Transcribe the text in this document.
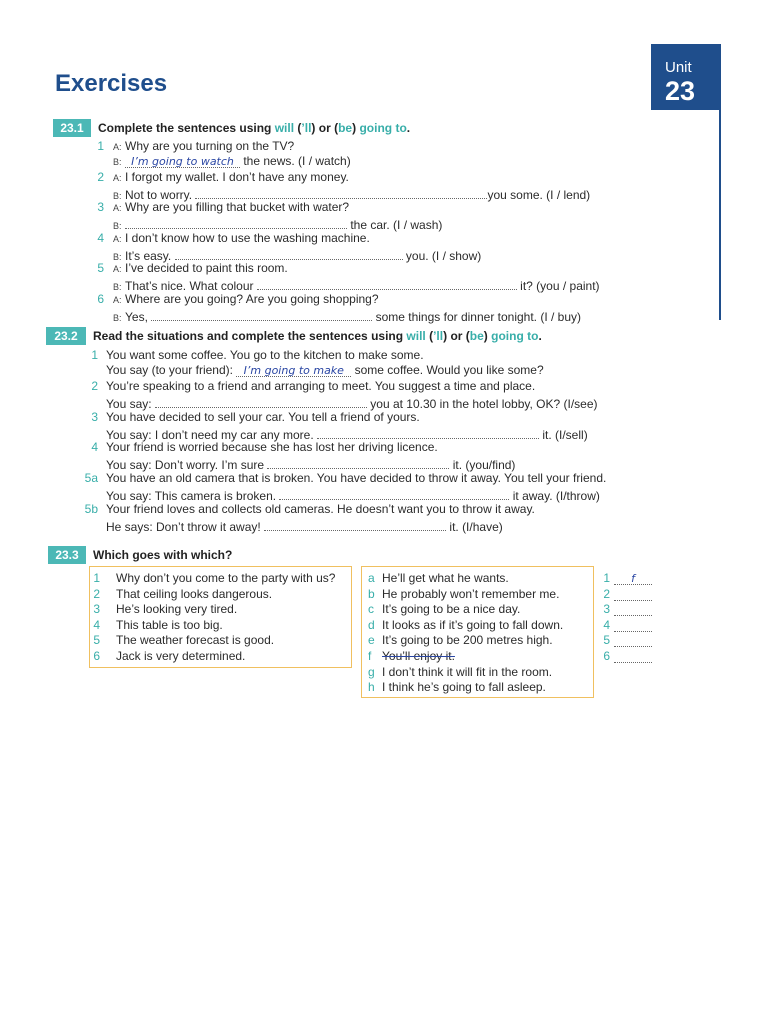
Exercises
Unit
23
23.1	Complete the sentences using will (’ll) or (be) going to.
23.2	Read the situations and complete the sentences using will (’ll) or (be) going to.
23.3	Which goes with which?
1 A: Why are you turning on the TV?
B: I’m going to watch the news. (I / watch)
2 A: I forgot my wallet. I don’t have any money.
B: Not to worry.	you some. (I / lend)
3 A: Why are you filling that bucket with water?
B:	the car. (I / wash)
4 A: I don’t know how to use the washing machine.
B: It’s easy.	you. (I / show)
5 A: I’ve decided to paint this room.
B: That’s nice. What colour	it? (you / paint)
6 A: Where are you going? Are you going shopping?
B: Yes,	some things for dinner tonight. (I / buy)
1 You want some coffee. You go to the kitchen to make some.
You say (to your friend): I’m going to make some coffee. Would you like some?
2 You’re speaking to a friend and arranging to meet. You suggest a time and place.
You say:	you at 10.30 in the hotel lobby, OK? (I/see)
3 You have decided to sell your car. You tell a friend of yours.
You say: I don’t need my car any more.	it. (I/sell)
4 Your friend is worried because she has lost her driving licence.
You say: Don’t worry. I’m sure	it. (you/find)
5a You have an old camera that is broken. You have decided to throw it away. You tell your friend.
You say: This camera is broken.	it away. (I/throw)
5b Your friend loves and collects old cameras. He doesn’t want you to throw it away.
He says: Don’t throw it away!	it. (I/have)
1 Why don’t you come to the party with us?
2 That ceiling looks dangerous.
3 He’s looking very tired.
4 This table is too big.
5 The weather forecast is good.
6 Jack is very determined.
a He’ll get what he wants.
b He probably won’t remember me.
c It’s going to be a nice day.
d It looks as if it’s going to fall down.
e It’s going to be 200 metres high.
f You’ll enjoy it.
g I don’t think it will fit in the room.
h I think he’s going to fall asleep.
1	f
2
3
4
5
6
